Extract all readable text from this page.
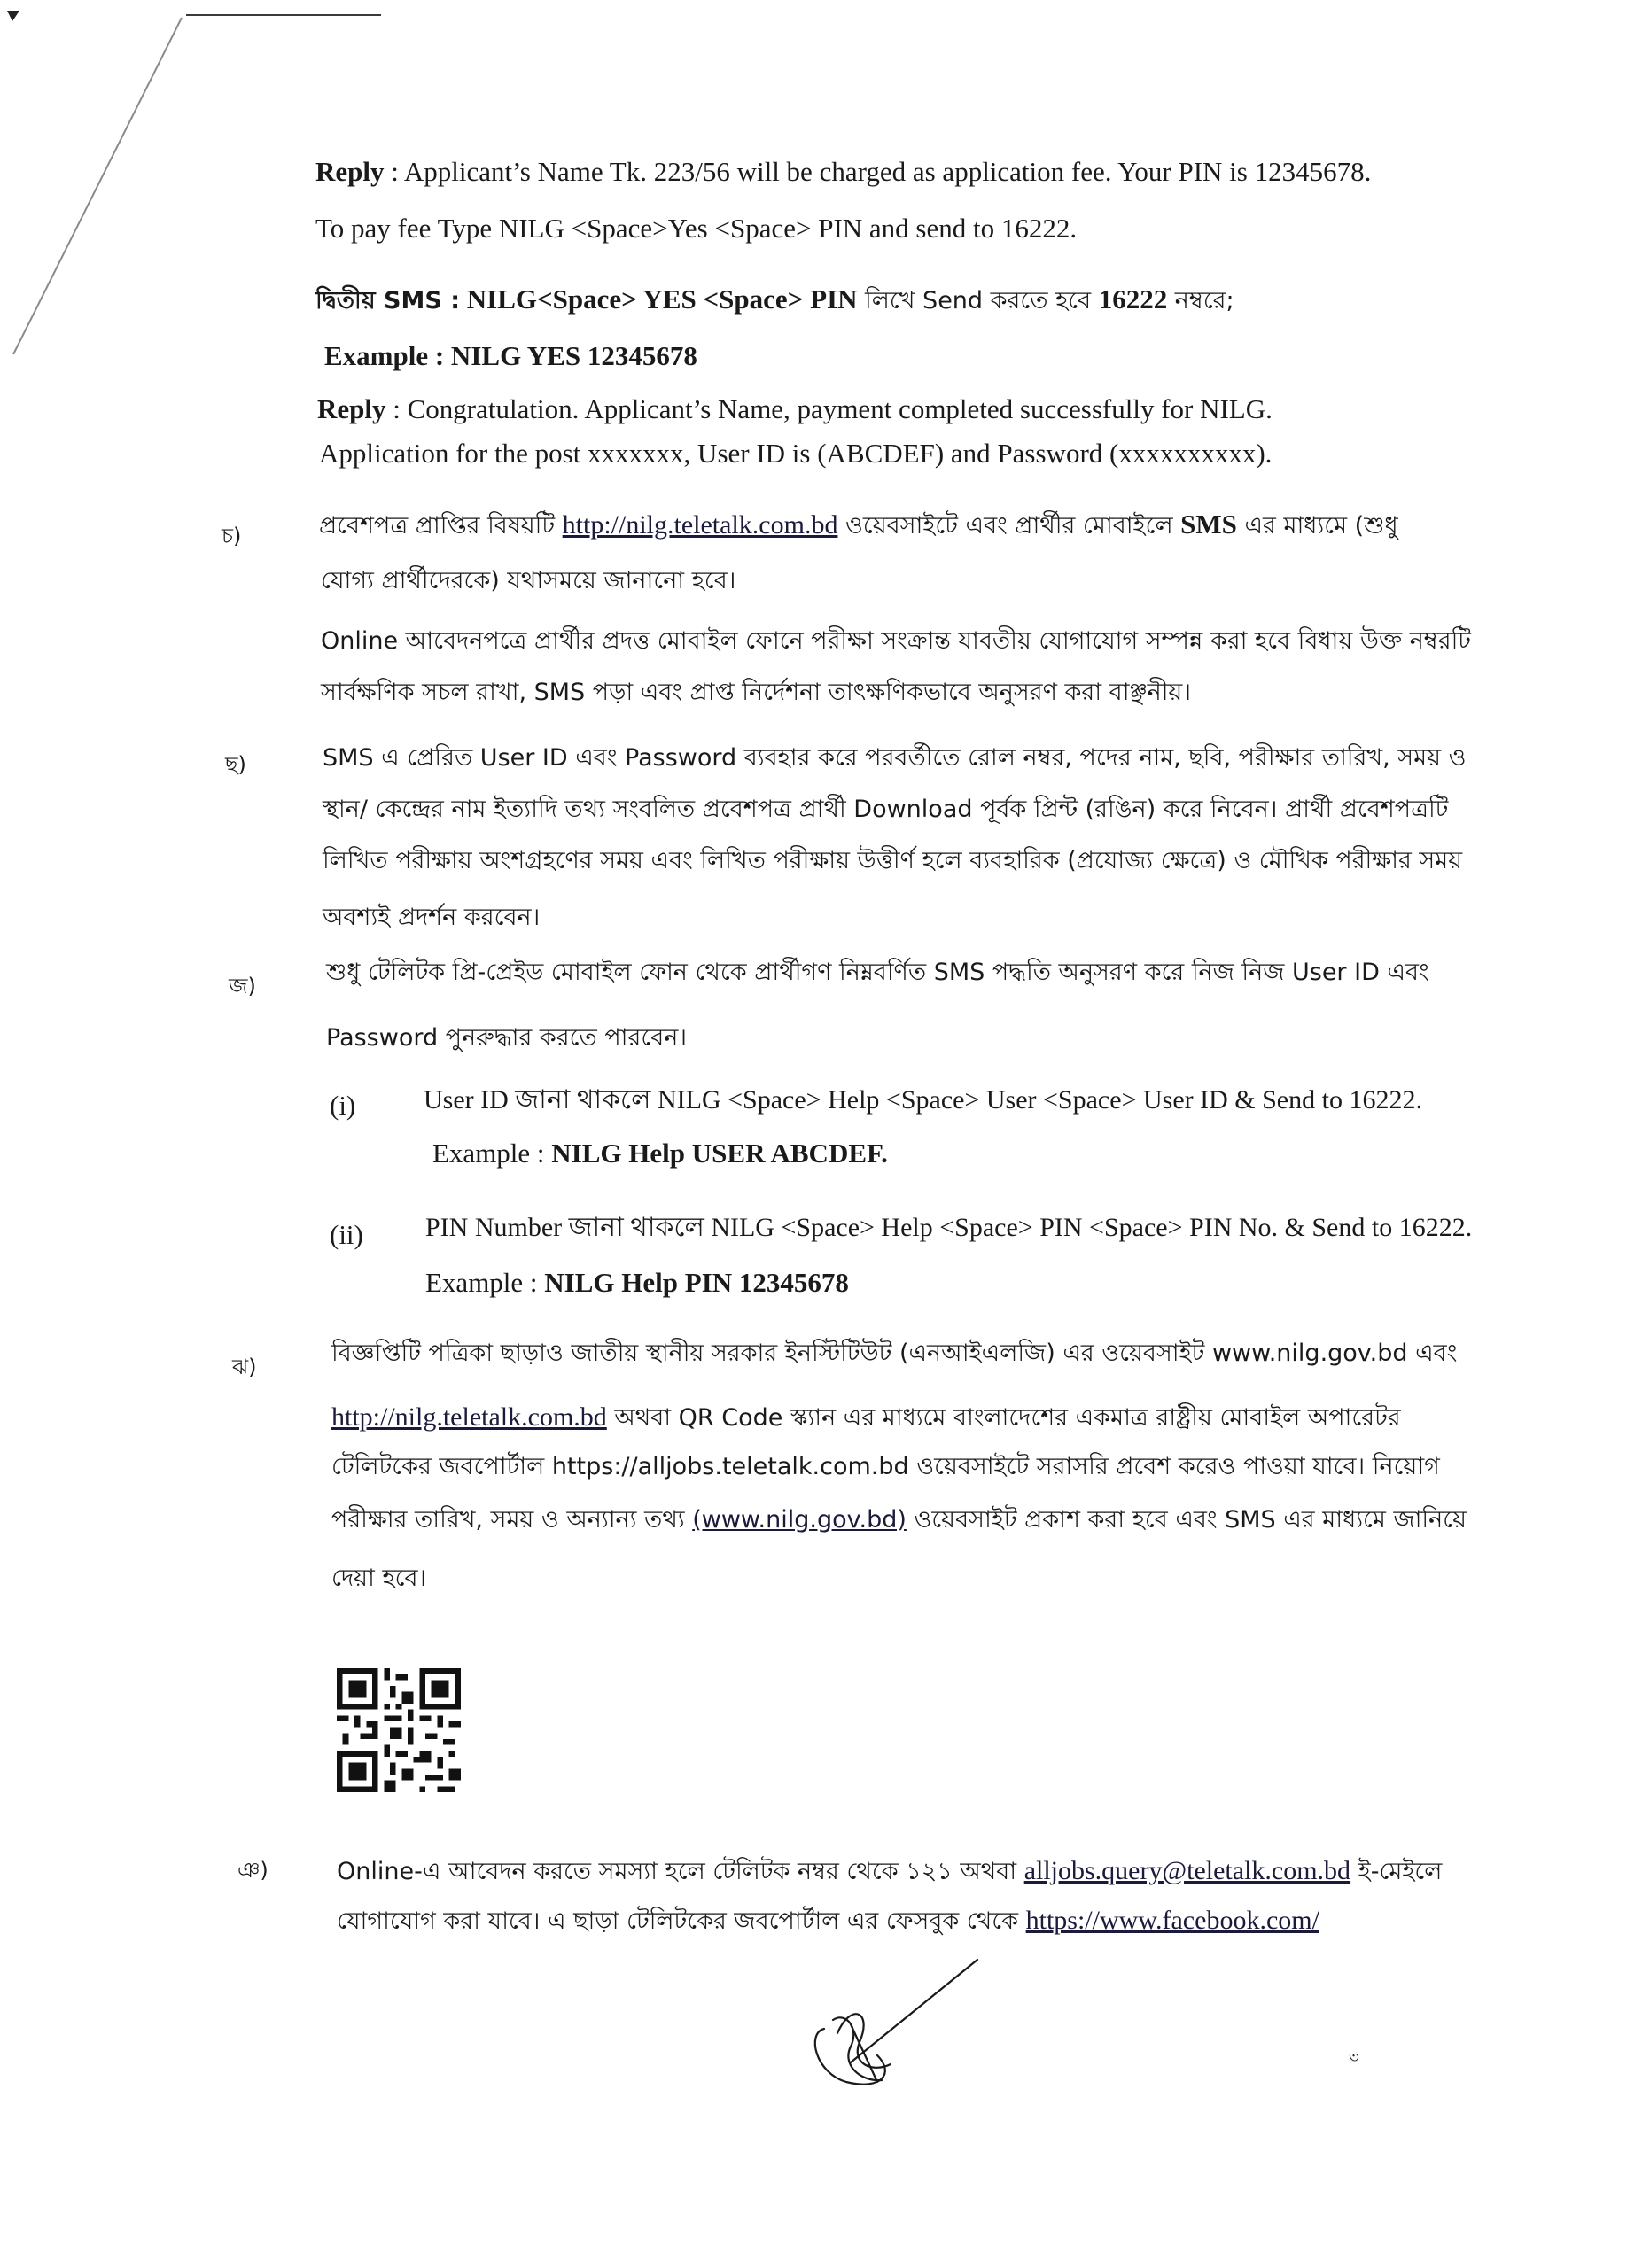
Reply : Applicant’s Name Tk. 223/56 will be charged as application fee. Your PIN is 12345678.
To pay fee Type NILG <Space>Yes <Space> PIN and send to 16222.
দ্বিতীয় SMS : NILG<Space> YES <Space> PIN লিখে Send করতে হবে 16222 নম্বরে;
Example : NILG YES 12345678
Reply : Congratulation. Applicant’s Name, payment completed successfully for NILG.
Application for the post xxxxxxx, User ID is (ABCDEF) and Password (xxxxxxxxxx).
চ)	প্রবেশপত্র প্রাপ্তির বিষয়টি http://nilg.teletalk.com.bd ওয়েবসাইটে এবং প্রার্থীর মোবাইলে SMS এর মাধ্যমে (শুধু
যোগ্য প্রার্থীদেরকে) যথাসময়ে জানানো হবে।
Online আবেদনপত্রে প্রার্থীর প্রদত্ত মোবাইল ফোনে পরীক্ষা সংক্রান্ত যাবতীয় যোগাযোগ সম্পন্ন করা হবে বিধায় উক্ত নম্বরটি
সার্বক্ষণিক সচল রাখা, SMS পড়া এবং প্রাপ্ত নির্দেশনা তাৎক্ষণিকভাবে অনুসরণ করা বাঞ্ছনীয়।
ছ)	SMS এ প্রেরিত User ID এবং Password ব্যবহার করে পরবর্তীতে রোল নম্বর, পদের নাম, ছবি, পরীক্ষার তারিখ, সময় ও
স্থান/ কেন্দ্রের নাম ইত্যাদি তথ্য সংবলিত প্রবেশপত্র প্রার্থী Download পূর্বক প্রিন্ট (রঙিন) করে নিবেন। প্রার্থী প্রবেশপত্রটি
লিখিত পরীক্ষায় অংশগ্রহণের সময় এবং লিখিত পরীক্ষায় উত্তীর্ণ হলে ব্যবহারিক (প্রযোজ্য ক্ষেত্রে) ও মৌখিক পরীক্ষার সময়
অবশ্যই প্রদর্শন করবেন।
জ)	শুধু টেলিটক প্রি-প্রেইড মোবাইল ফোন থেকে প্রার্থীগণ নিম্নবর্ণিত SMS পদ্ধতি অনুসরণ করে নিজ নিজ User ID এবং
Password পুনরুদ্ধার করতে পারবেন।
(i)	User ID জানা থাকলে NILG <Space> Help <Space> User <Space> User ID & Send to 16222.
Example : NILG Help USER ABCDEF.
(ii) PIN Number জানা থাকলে NILG <Space> Help <Space> PIN <Space> PIN No. & Send to 16222.
Example : NILG Help PIN 12345678
ঝ)	বিজ্ঞপ্তিটি পত্রিকা ছাড়াও জাতীয় স্থানীয় সরকার ইনস্টিটিউট (এনআইএলজি) এর ওয়েবসাইট www.nilg.gov.bd এবং
http://nilg.teletalk.com.bd অথবা QR Code স্ক্যান এর মাধ্যমে বাংলাদেশের একমাত্র রাষ্ট্রীয় মোবাইল অপারেটর
টেলিটকের জবপোর্টাল https://alljobs.teletalk.com.bd ওয়েবসাইটে সরাসরি প্রবেশ করেও পাওয়া যাবে। নিয়োগ
পরীক্ষার তারিখ, সময় ও অন্যান্য তথ্য (www.nilg.gov.bd) ওয়েবসাইট প্রকাশ করা হবে এবং SMS এর মাধ্যমে জানিয়ে
দেয়া হবে।
ঞ)	Online-এ আবেদন করতে সমস্যা হলে টেলিটক নম্বর থেকে ১২১ অথবা alljobs.query@teletalk.com.bd ই-মেইলে
যোগাযোগ করা যাবে। এ ছাড়া টেলিটকের জবপোর্টাল এর ফেসবুক থেকে https://www.facebook.com/
৩
